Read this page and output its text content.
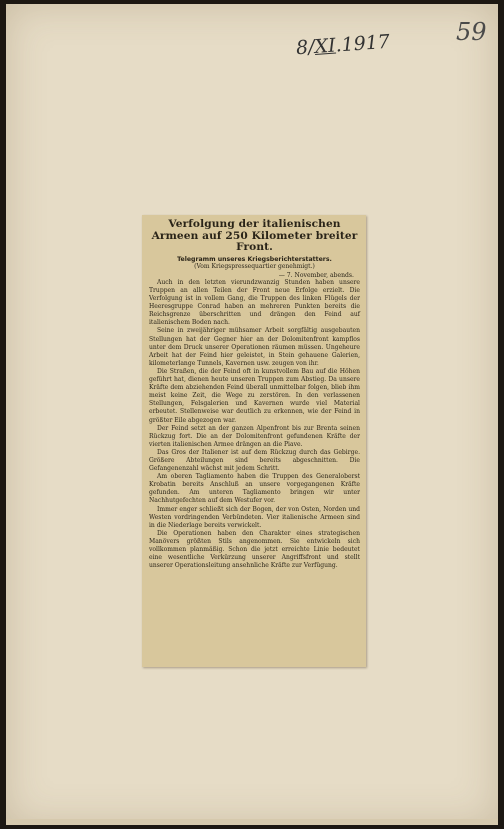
8/XI.1917	59

Verfolgung der italienischen Armeen auf 250 Kilometer breiter Front.

Telegramm unseres Kriegsberichterstatters.

(Vom Kriegspressequartier genehmigt.)

— 7. November, abends.

Auch in den letzten vierundzwanzig Stunden haben unsere Truppen an allen Teilen der Front neue Erfolge erzielt. Die Verfolgung ist in vollem Gang, die Truppen des linken Flügels der Heeresgruppe Conrad haben an mehreren Punkten bereits die Reichsgrenze überschritten und drängen den Feind auf italienischem Boden nach.

Seine in zweijähriger mühsamer Arbeit sorgfältig ausgebauten Stellungen hat der Gegner hier an der Dolomitenfront kampflos unter dem Druck unserer Operationen räumen müssen. Ungeheure Arbeit hat der Feind hier geleistet, in Stein gehauene Galerien, kilometerlange Tunnels, Kavernen usw. zeugen von ihr.

Die Straßen, die der Feind oft in kunstvollem Bau auf die Höhen geführt hat, dienen heute unseren Truppen zum Abstieg. Da unsere Kräfte dem abziehenden Feind überall unmittelbar folgen, blieb ihm meist keine Zeit, die Wege zu zerstören. In den verlassenen Stellungen, Felsgalerien und Kavernen wurde viel Material erbeutet. Stellenweise war deutlich zu erkennen, wie der Feind in größter Eile abgezogen war.

Der Feind setzt an der ganzen Alpenfront bis zur Brenta seinen Rückzug fort. Die an der Dolomitenfront gefundenen Kräfte der vierten italienischen Armee drängen an die Piave.

Das Gros der Italiener ist auf dem Rückzug durch das Gebirge. Größere Abteilungen sind bereits abgeschnitten. Die Gefangenenzahl wächst mit jedem Schritt.

Am oberen Tagliamento haben die Truppen des Generaloberst Krobatin bereits Anschluß an unsere vorgegangenen Kräfte gefunden. Am unteren Tagliamento bringen wir unter Nachhutgefechten auf dem Westufer vor.

Immer enger schließt sich der Bogen, der von Osten, Norden und Westen vordringenden Verbündeten. Vier italienische Armeen sind in die Niederlage bereits verwickelt.

Die Operationen haben den Charakter eines strategischen Manövers größten Stils angenommen. Sie entwickeln sich vollkommen planmäßig. Schon die jetzt erreichte Linie bedeutet eine wesentliche Verkürzung unserer Angriffsfront und stellt unserer Operationsleitung ansehnliche Kräfte zur Verfügung.
